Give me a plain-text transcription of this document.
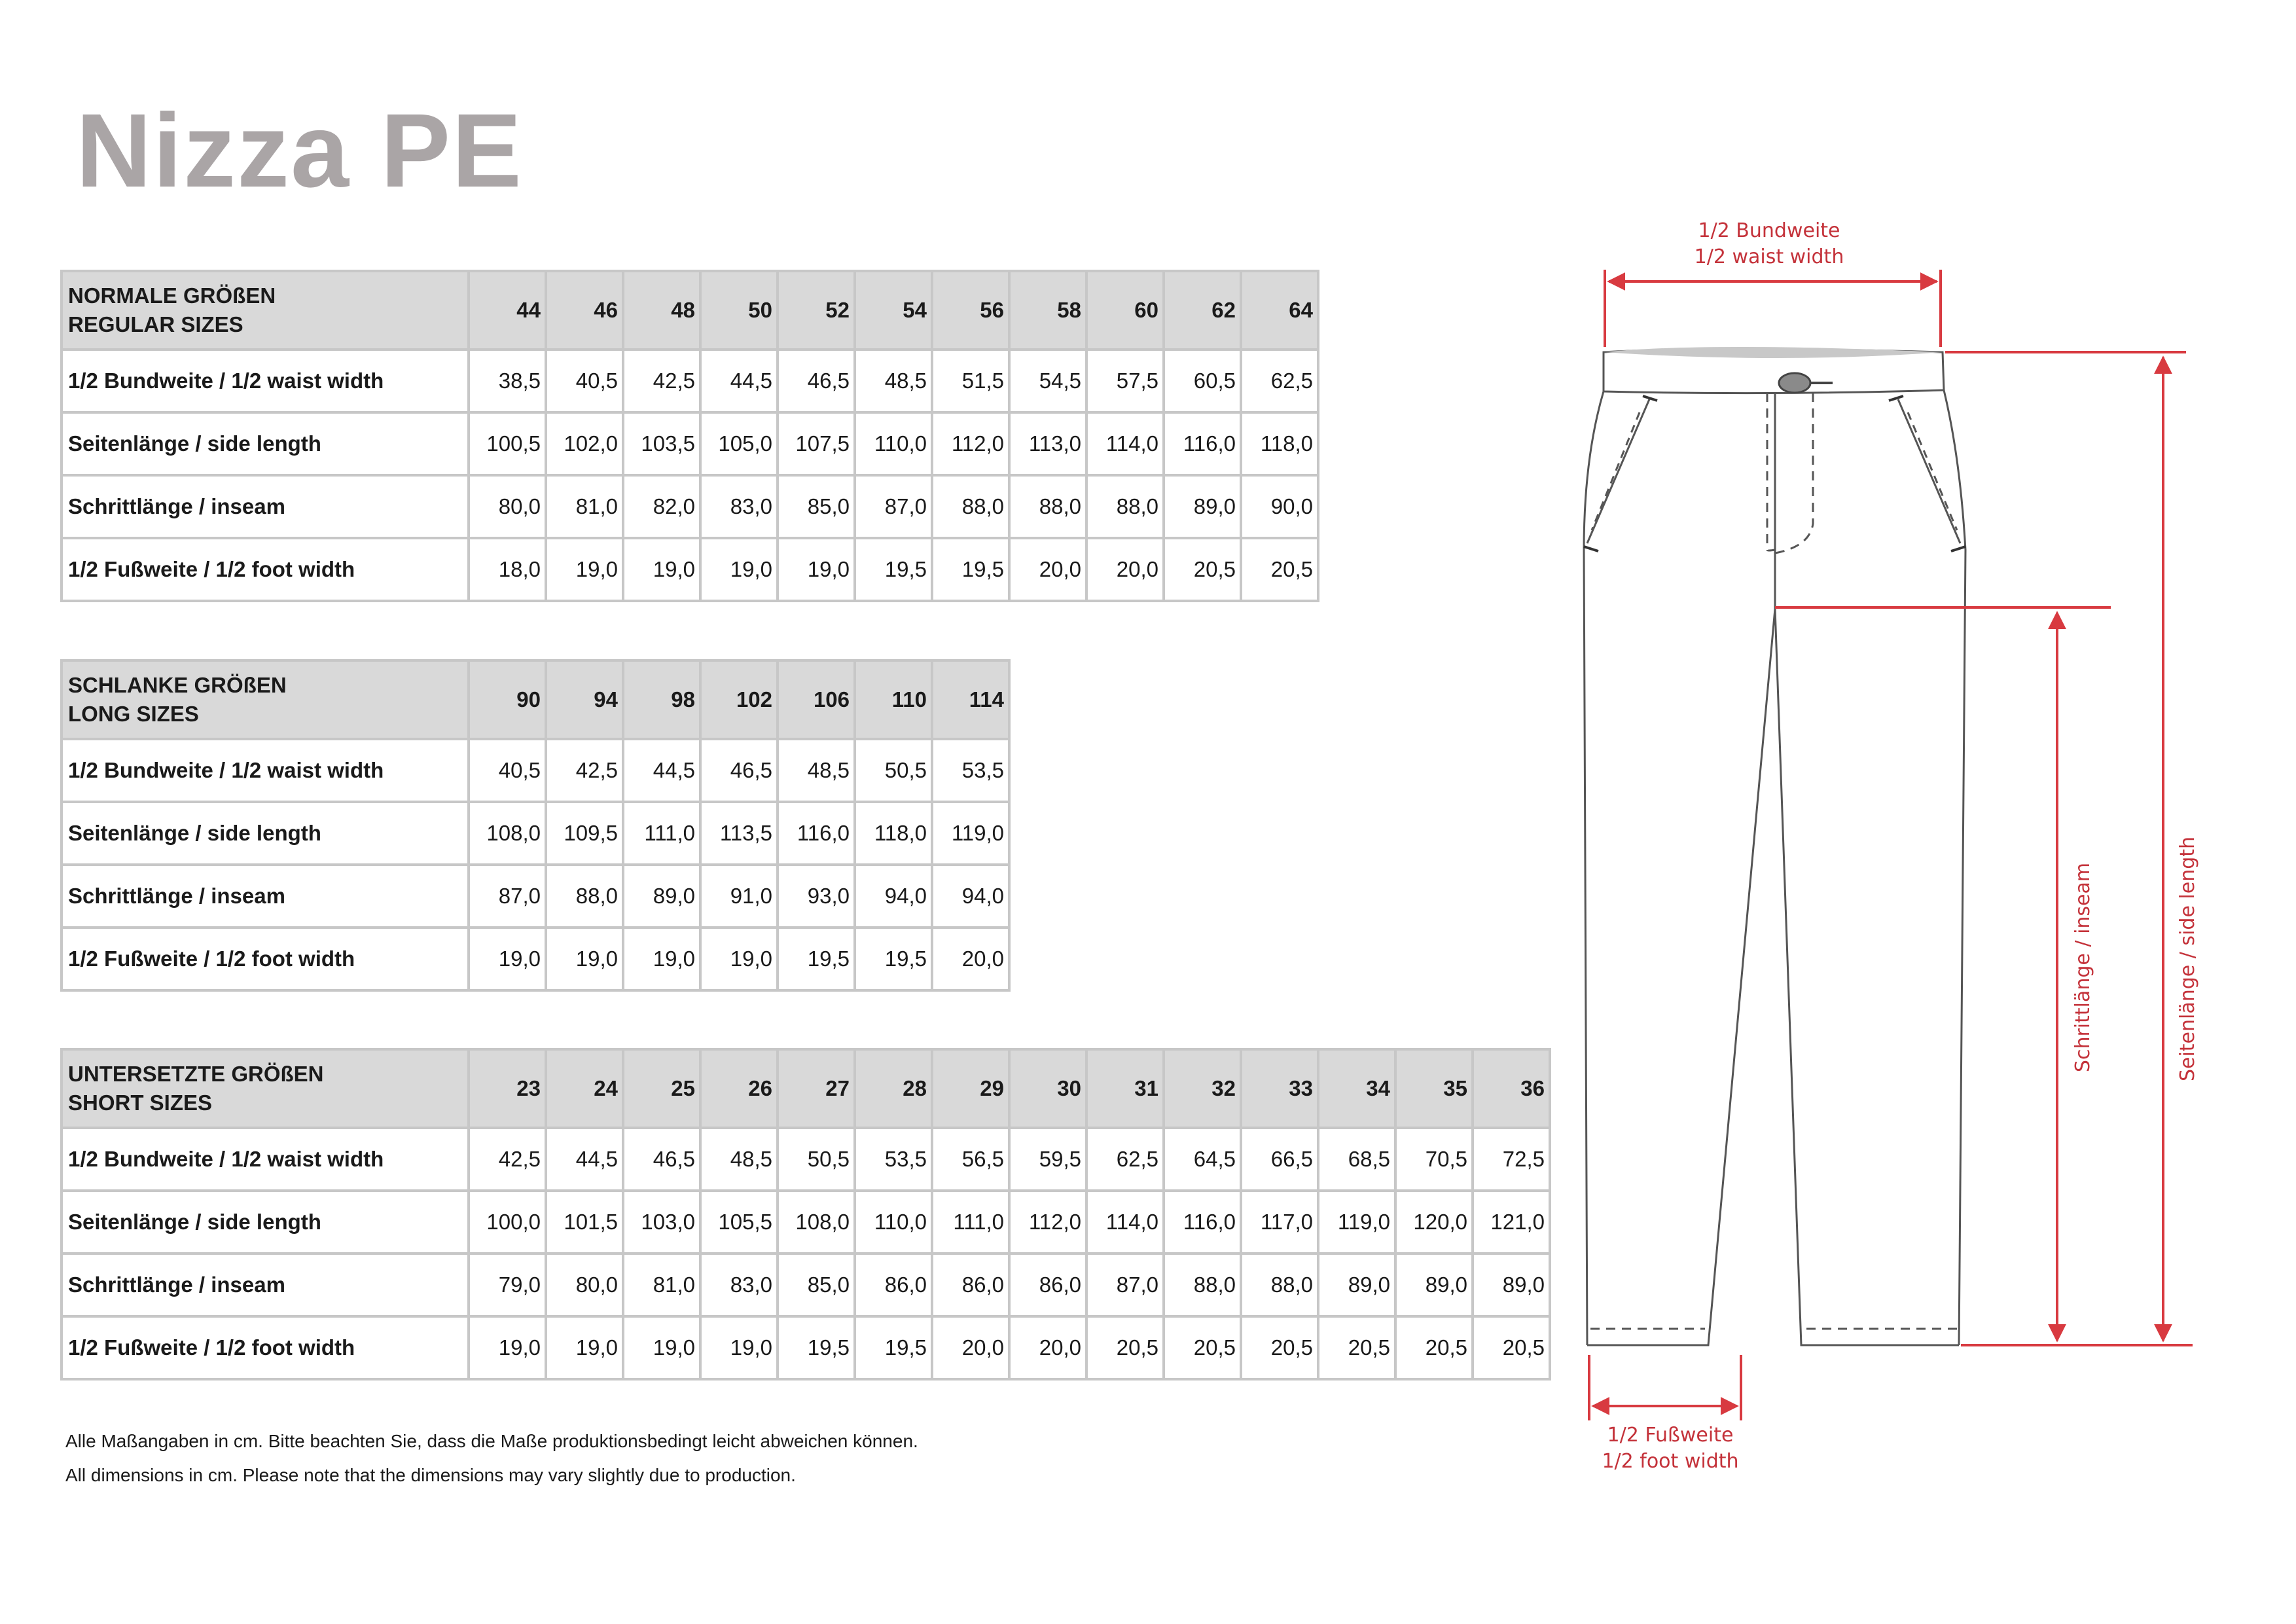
Nizza PE
NORMALE GRÖßEN
REGULAR SIZES	44	46	48	50	52	54	56	58	60	62	64
1/2 Bundweite / 1/2 waist width	38,5	40,5	42,5	44,5	46,5	48,5	51,5	54,5	57,5	60,5	62,5
Seitenlänge / side length	100,5	102,0	103,5	105,0	107,5	110,0	112,0	113,0	114,0	116,0	118,0
Schrittlänge / inseam	80,0	81,0	82,0	83,0	85,0	87,0	88,0	88,0	88,0	89,0	90,0
1/2 Fußweite / 1/2 foot width	18,0	19,0	19,0	19,0	19,0	19,5	19,5	20,0	20,0	20,5	20,5
SCHLANKE GRÖßEN
LONG SIZES	90	94	98	102	106	110	114
1/2 Bundweite / 1/2 waist width	40,5	42,5	44,5	46,5	48,5	50,5	53,5
Seitenlänge / side length	108,0	109,5	111,0	113,5	116,0	118,0	119,0
Schrittlänge / inseam	87,0	88,0	89,0	91,0	93,0	94,0	94,0
1/2 Fußweite / 1/2 foot width	19,0	19,0	19,0	19,0	19,5	19,5	20,0
UNTERSETZTE GRÖßEN
SHORT SIZES	23	24	25	26	27	28	29	30	31	32	33	34	35	36
1/2 Bundweite / 1/2 waist width	42,5	44,5	46,5	48,5	50,5	53,5	56,5	59,5	62,5	64,5	66,5	68,5	70,5	72,5
Seitenlänge / side length	100,0	101,5	103,0	105,5	108,0	110,0	111,0	112,0	114,0	116,0	117,0	119,0	120,0	121,0
Schrittlänge / inseam	79,0	80,0	81,0	83,0	85,0	86,0	86,0	86,0	87,0	88,0	88,0	89,0	89,0	89,0
1/2 Fußweite / 1/2 foot width	19,0	19,0	19,0	19,0	19,5	19,5	20,0	20,0	20,5	20,5	20,5	20,5	20,5	20,5
Alle Maßangaben in cm. Bitte beachten Sie, dass die Maße produktionsbedingt leicht abweichen können.
All dimensions in cm. Please note that the dimensions may vary slightly due to production.
1/2 Bundweite
1/2 waist width
1/2 Fußweite
1/2 foot width
Schrittlänge / inseam	Seitenlänge / side length
